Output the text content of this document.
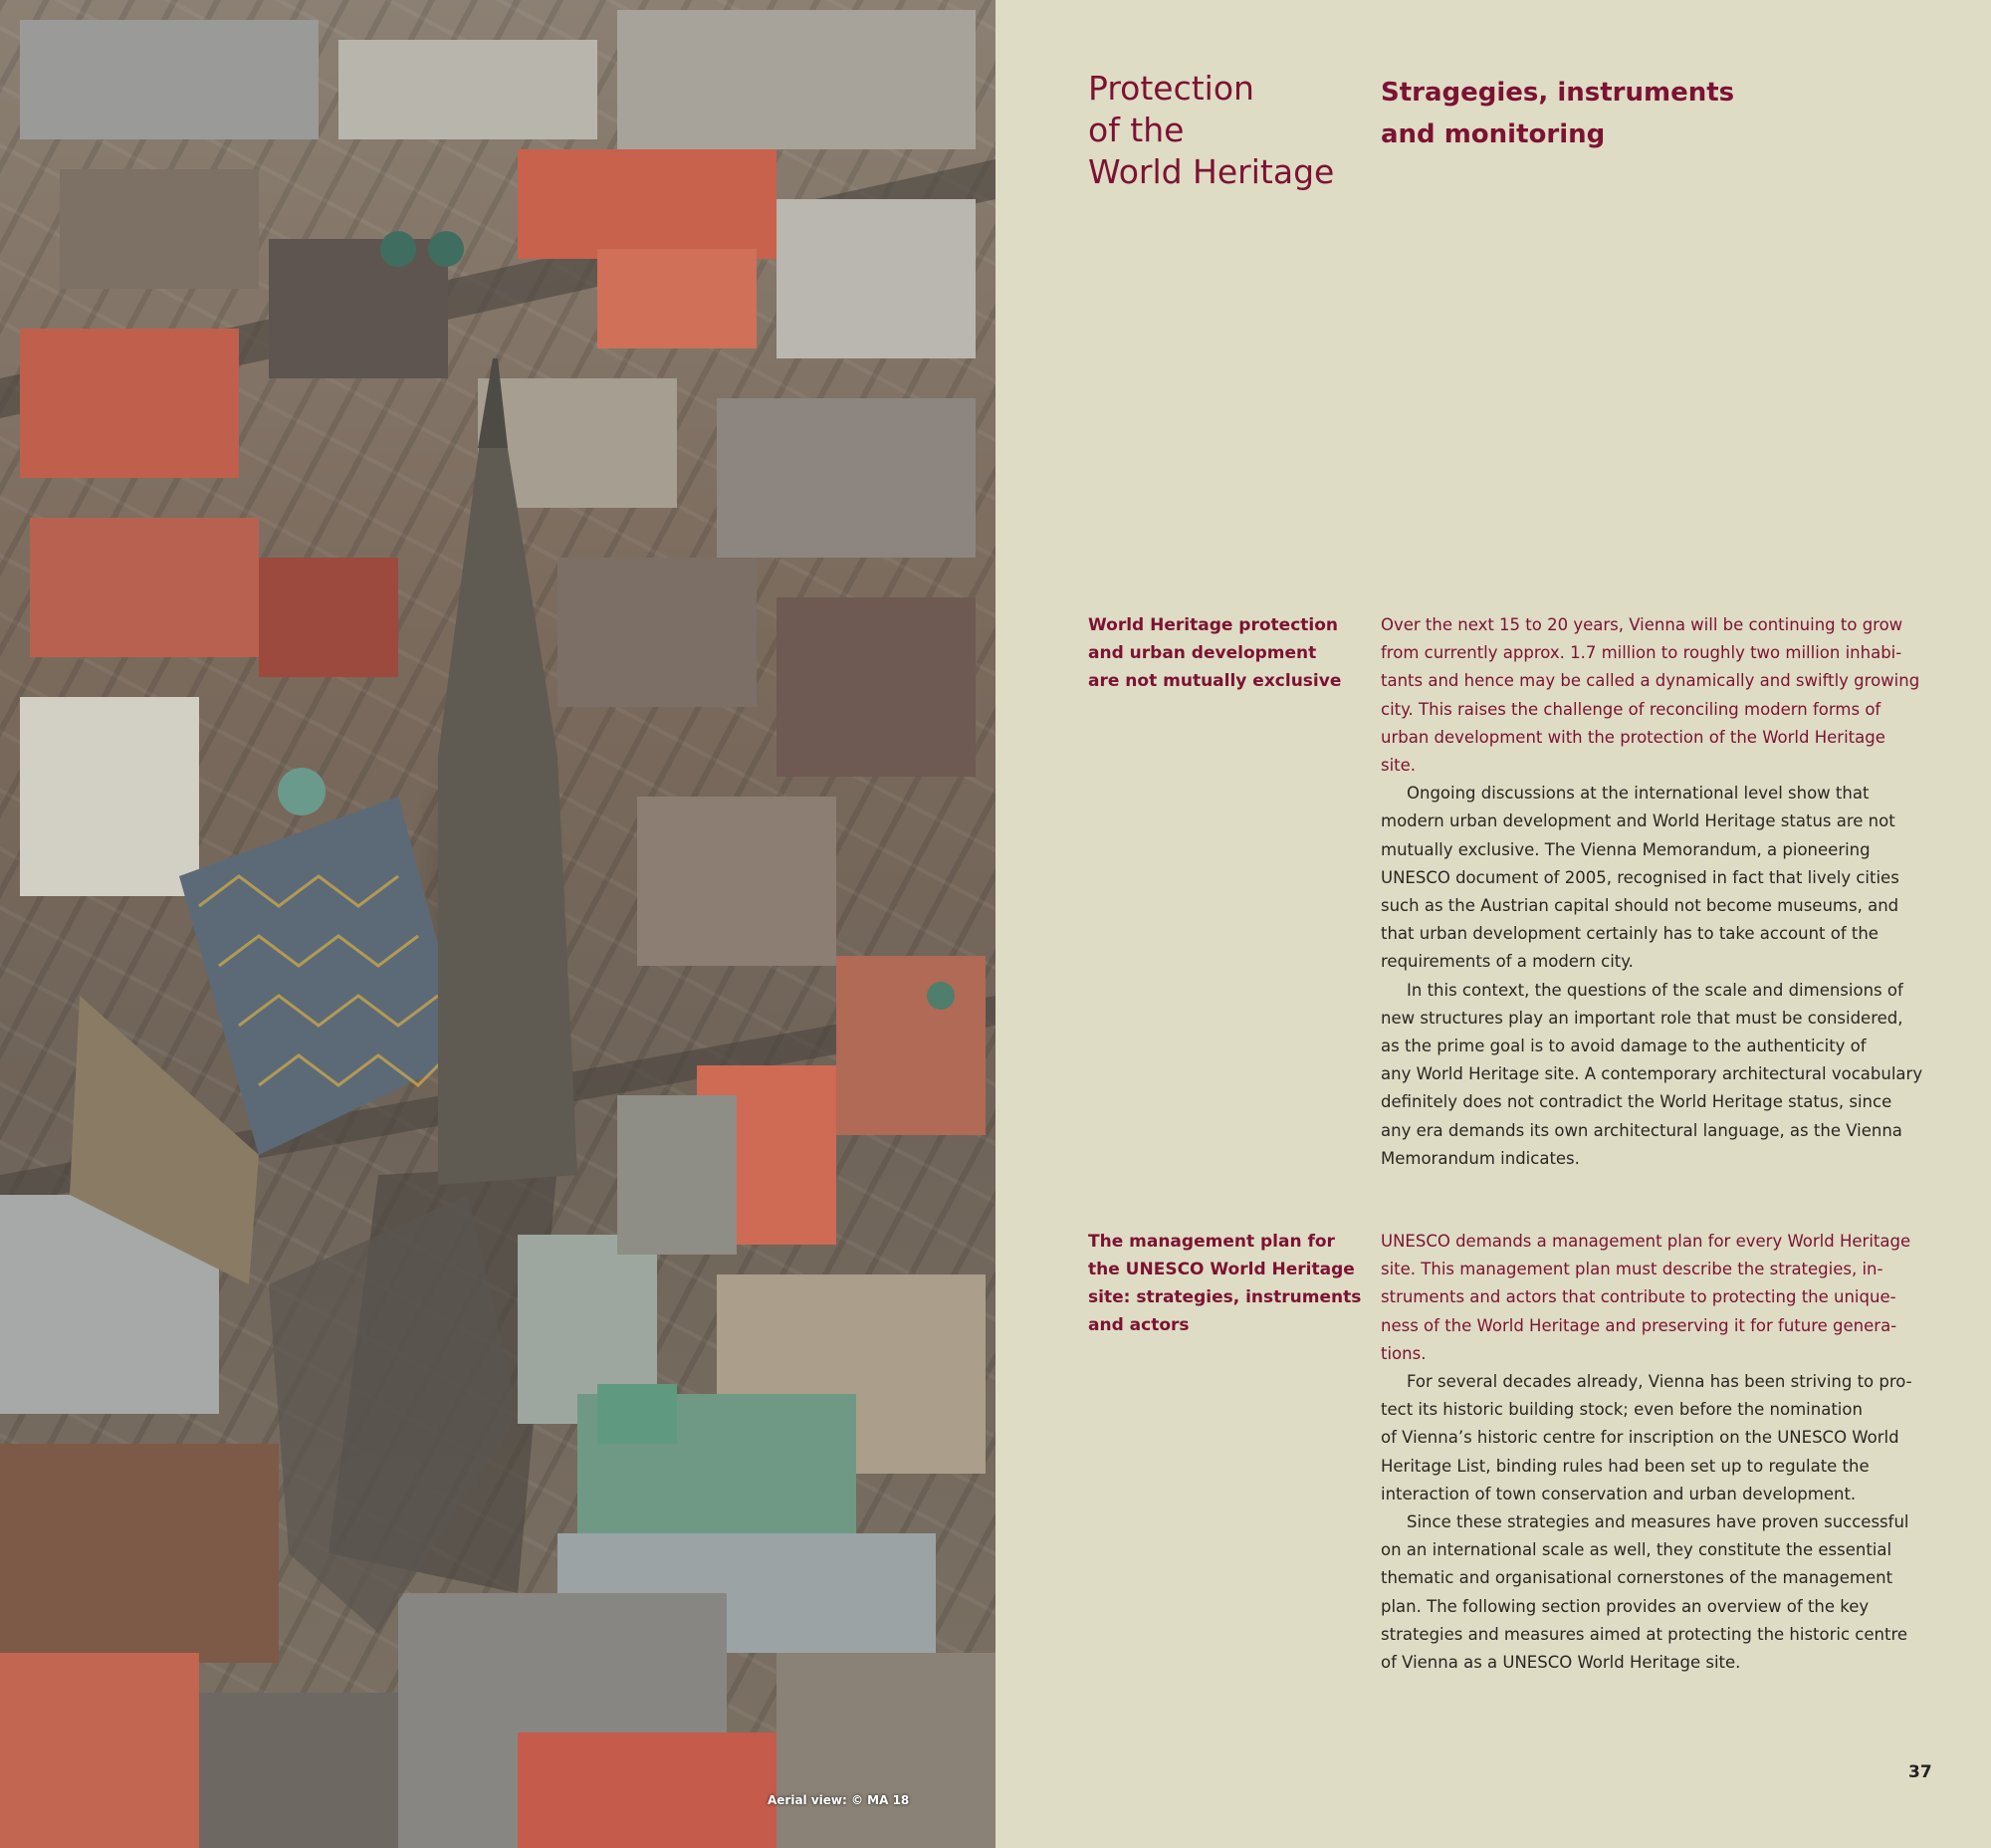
Aerial view: © MA 18
Protection
of the
World Heritage
Stragegies, instruments
and monitoring
World Heritage protection
and urban development
are not mutually exclusive
Over the next 15 to 20 years, Vienna will be continuing to grow
from currently approx. 1.7 million to roughly two million inhabi-
tants and hence may be called a dynamically and swiftly growing
city. This raises the challenge of reconciling modern forms of
urban development with the protection of the World Heritage
site.
Ongoing discussions at the international level show that
modern urban development and World Heritage status are not
mutually exclusive. The Vienna Memorandum, a pioneering
UNESCO document of 2005, recognised in fact that lively cities
such as the Austrian capital should not become museums, and
that urban development certainly has to take account of the
requirements of a modern city.
In this context, the questions of the scale and dimensions of
new structures play an important role that must be considered,
as the prime goal is to avoid damage to the authenticity of
any World Heritage site. A contemporary architectural vocabulary
definitely does not contradict the World Heritage status, since
any era demands its own architectural language, as the Vienna
Memorandum indicates.
The management plan for
the UNESCO World Heritage
site: strategies, instruments
and actors
UNESCO demands a management plan for every World Heritage
site. This management plan must describe the strategies, in-
struments and actors that contribute to protecting the unique-
ness of the World Heritage and preserving it for future genera-
tions.
For several decades already, Vienna has been striving to pro-
tect its historic building stock; even before the nomination
of Vienna’s historic centre for inscription on the UNESCO World
Heritage List, binding rules had been set up to regulate the
interaction of town conservation and urban development.
Since these strategies and measures have proven successful
on an international scale as well, they constitute the essential
thematic and organisational cornerstones of the management
plan. The following section provides an overview of the key
strategies and measures aimed at protecting the historic centre
of Vienna as a UNESCO World Heritage site.
37
